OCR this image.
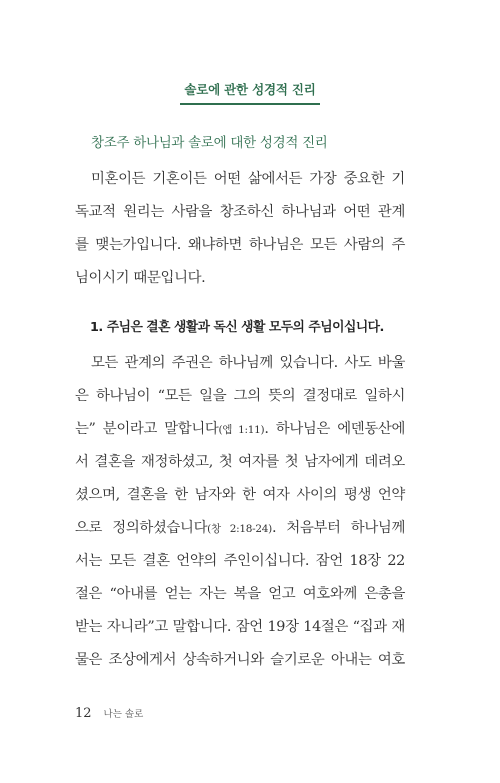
솔로에 관한 성경적 진리
창조주 하나님과 솔로에 대한 성경적 진리
미혼이든 기혼이든 어떤 삶에서든 가장 중요한 기
독교적 원리는 사람을 창조하신 하나님과 어떤 관계
를 맺는가입니다. 왜냐하면 하나님은 모든 사람의 주
님이시기 때문입니다.
1. 주님은 결혼 생활과 독신 생활 모두의 주님이십니다.
모든 관계의 주권은 하나님께 있습니다. 사도 바울
은 하나님이 “모든 일을 그의 뜻의 결정대로 일하시
는” 분이라고 말합니다(엡 1:11). 하나님은 에덴동산에
서 결혼을 재정하셨고, 첫 여자를 첫 남자에게 데려오
셨으며, 결혼을 한 남자와 한 여자 사이의 평생 언약
으로 정의하셨습니다(창 2:18-24). 처음부터 하나님께
서는 모든 결혼 언약의 주인이십니다. 잠언 18장 22
절은 “아내를 얻는 자는 복을 얻고 여호와께 은총을
받는 자니라”고 말합니다. 잠언 19장 14절은 “집과 재
물은 조상에게서 상속하거니와 슬기로운 아내는 여호
12 나는 솔로
